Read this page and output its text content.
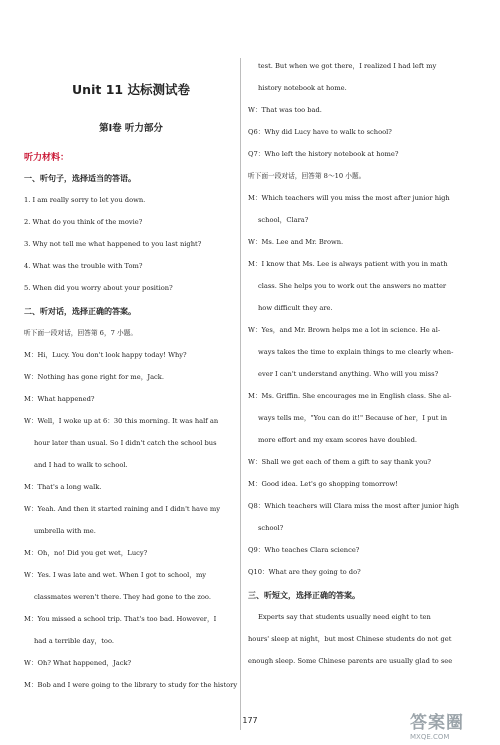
Unit 11 达标测试卷
第Ⅰ卷 听力部分
听力材料：
一、听句子，选择适当的答语。

1. I am really sorry to let you down.

2. What do you think of the movie?

3. Why not tell me what happened to you last night?

4. What was the trouble with Tom?

5. When did you worry about your position?

二、听对话，选择正确的答案。

听下面一段对话，回答第 6，7 小题。

M：Hi，Lucy. You don't look happy today! Why?

W：Nothing has gone right for me，Jack.

M：What happened?

W：Well，I woke up at 6：30 this morning. It was half an

hour later than usual. So I didn't catch the school bus

and I had to walk to school.

M：That's a long walk.

W：Yeah. And then it started raining and I didn't have my

umbrella with me.

M：Oh，no! Did you get wet，Lucy?

W：Yes. I was late and wet. When I got to school，my

classmates weren't there. They had gone to the zoo.

M：You missed a school trip. That's too bad. However，I

had a terrible day，too.

W：Oh? What happened，Jack?

M：Bob and I were going to the library to study for the history

test. But when we got there，I realized I had left my

history notebook at home.

W：That was too bad.

Q6：Why did Lucy have to walk to school?

Q7：Who left the history notebook at home?

听下面一段对话，回答第 8～10 小题。

M：Which teachers will you miss the most after junior high

school，Clara?

W：Ms. Lee and Mr. Brown.

M：I know that Ms. Lee is always patient with you in math

class. She helps you to work out the answers no matter

how difficult they are.

W：Yes，and Mr. Brown helps me a lot in science. He al-

ways takes the time to explain things to me clearly when-

ever I can't understand anything. Who will you miss?

M：Ms. Griffin. She encourages me in English class. She al-

ways tells me，"You can do it!" Because of her，I put in

more effort and my exam scores have doubled.

W：Shall we get each of them a gift to say thank you?

M：Good idea. Let's go shopping tomorrow!

Q8：Which teachers will Clara miss the most after junior high

school?

Q9：Who teaches Clara science?

Q10：What are they going to do?

三、听短文，选择正确的答案。

Experts say that students usually need eight to ten

hours' sleep at night，but most Chinese students do not get

enough sleep. Some Chinese parents are usually glad to see

177	答案圈
MXQE.COM
